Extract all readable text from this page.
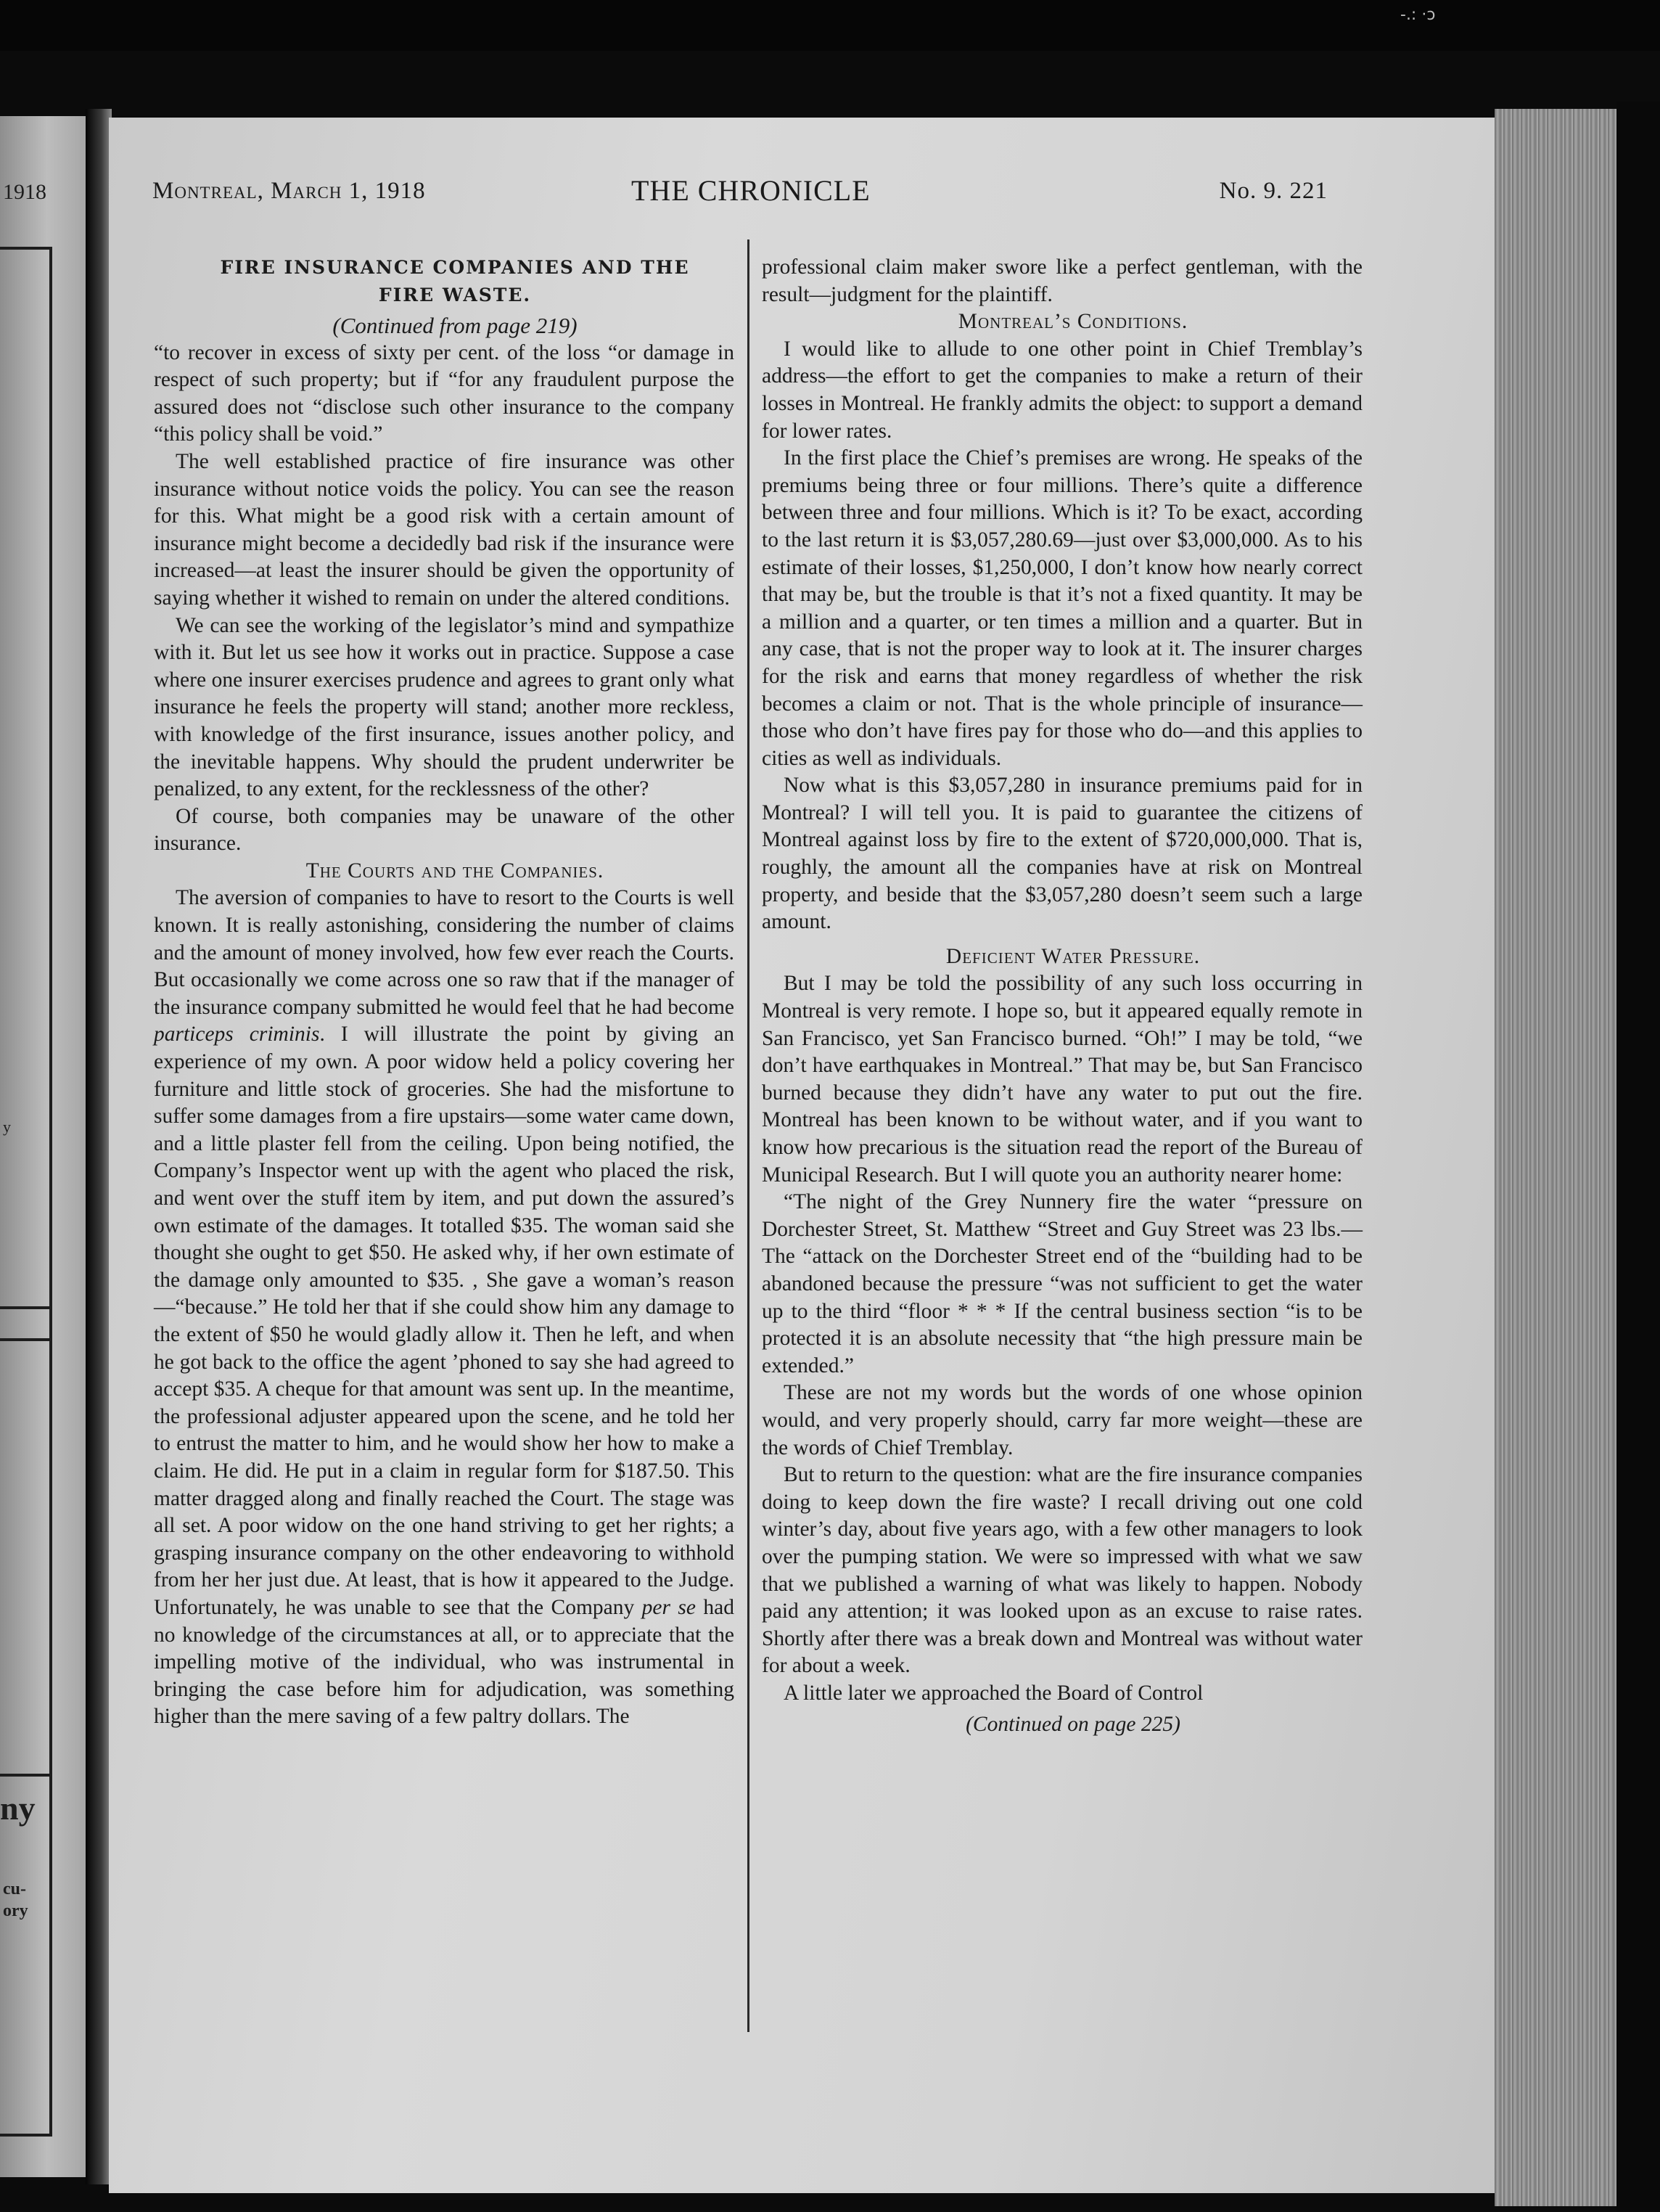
-.: ·ɔ
1918
y
ny
cu-
ory
Montreal, March 1, 1918	THE CHRONICLE	No. 9. 221

FIRE INSURANCE COMPANIES AND THE

FIRE WASTE.

(Continued from page 219)

“to recover in excess of sixty per cent. of the loss “or damage in respect of such property; but if “for any fraudulent purpose the assured does not “disclose such other insurance to the company “this policy shall be void.”

The well established practice of fire insurance was other insurance without notice voids the policy. You can see the reason for this. What might be a good risk with a certain amount of insurance might become a decidedly bad risk if the insurance were increased—at least the insurer should be given the opportunity of saying whether it wished to remain on under the altered conditions.

We can see the working of the legislator’s mind and sympathize with it. But let us see how it works out in practice. Suppose a case where one insurer exercises prudence and agrees to grant only what insurance he feels the property will stand; another more reckless, with knowledge of the first insurance, issues another policy, and the inevitable happens. Why should the prudent underwriter be penalized, to any extent, for the recklessness of the other?

Of course, both companies may be unaware of the other insurance.

The Courts and the Companies.

The aversion of companies to have to resort to the Courts is well known. It is really astonishing, considering the number of claims and the amount of money involved, how few ever reach the Courts. But occasionally we come across one so raw that if the manager of the insurance company submitted he would feel that he had become particeps criminis. I will illustrate the point by giving an experience of my own. A poor widow held a policy covering her furniture and little stock of groceries. She had the misfortune to suffer some damages from a fire upstairs—some water came down, and a little plaster fell from the ceiling. Upon being notified, the Company’s Inspector went up with the agent who placed the risk, and went over the stuff item by item, and put down the assured’s own estimate of the damages. It totalled $35. The woman said she thought she ought to get $50. He asked why, if her own estimate of the damage only amounted to $35. , She gave a woman’s reason—“because.” He told her that if she could show him any damage to the extent of $50 he would gladly allow it. Then he left, and when he got back to the office the agent ’phoned to say she had agreed to accept $35. A cheque for that amount was sent up. In the meantime, the professional adjuster appeared upon the scene, and he told her to entrust the matter to him, and he would show her how to make a claim. He did. He put in a claim in regular form for $187.50. This matter dragged along and finally reached the Court. The stage was all set. A poor widow on the one hand striving to get her rights; a grasping insurance company on the other endeavoring to withhold from her her just due. At least, that is how it appeared to the Judge. Unfortunately, he was unable to see that the Company per se had no knowledge of the circumstances at all, or to appreciate that the impelling motive of the individual, who was instrumental in bringing the case before him for adjudication, was something higher than the mere saving of a few paltry dollars. The

professional claim maker swore like a perfect gentleman, with the result—judgment for the plaintiff.

Montreal’s Conditions.

I would like to allude to one other point in Chief Tremblay’s address—the effort to get the companies to make a return of their losses in Montreal. He frankly admits the object: to support a demand for lower rates.

In the first place the Chief’s premises are wrong. He speaks of the premiums being three or four millions. There’s quite a difference between three and four millions. Which is it? To be exact, according to the last return it is $3,057,280.69—just over $3,000,000. As to his estimate of their losses, $1,250,000, I don’t know how nearly correct that may be, but the trouble is that it’s not a fixed quantity. It may be a million and a quarter, or ten times a million and a quarter. But in any case, that is not the proper way to look at it. The insurer charges for the risk and earns that money regardless of whether the risk becomes a claim or not. That is the whole principle of insurance—those who don’t have fires pay for those who do—and this applies to cities as well as individuals.

Now what is this $3,057,280 in insurance premiums paid for in Montreal? I will tell you. It is paid to guarantee the citizens of Montreal against loss by fire to the extent of $720,000,000. That is, roughly, the amount all the companies have at risk on Montreal property, and beside that the $3,057,280 doesn’t seem such a large amount.

Deficient Water Pressure.

But I may be told the possibility of any such loss occurring in Montreal is very remote. I hope so, but it appeared equally remote in San Francisco, yet San Francisco burned. “Oh!” I may be told, “we don’t have earthquakes in Montreal.” That may be, but San Francisco burned because they didn’t have any water to put out the fire. Montreal has been known to be without water, and if you want to know how precarious is the situation read the report of the Bureau of Municipal Research. But I will quote you an authority nearer home:

“The night of the Grey Nunnery fire the water “pressure on Dorchester Street, St. Matthew “Street and Guy Street was 23 lbs.—The “attack on the Dorchester Street end of the “building had to be abandoned because the pressure “was not sufficient to get the water up to the third “floor * * * If the central business section “is to be protected it is an absolute necessity that “the high pressure main be extended.”

These are not my words but the words of one whose opinion would, and very properly should, carry far more weight—these are the words of Chief Tremblay.

But to return to the question: what are the fire insurance companies doing to keep down the fire waste? I recall driving out one cold winter’s day, about five years ago, with a few other managers to look over the pumping station. We were so impressed with what we saw that we published a warning of what was likely to happen. Nobody paid any attention; it was looked upon as an excuse to raise rates. Shortly after there was a break down and Montreal was without water for about a week.

A little later we approached the Board of Control

(Continued on page 225)
